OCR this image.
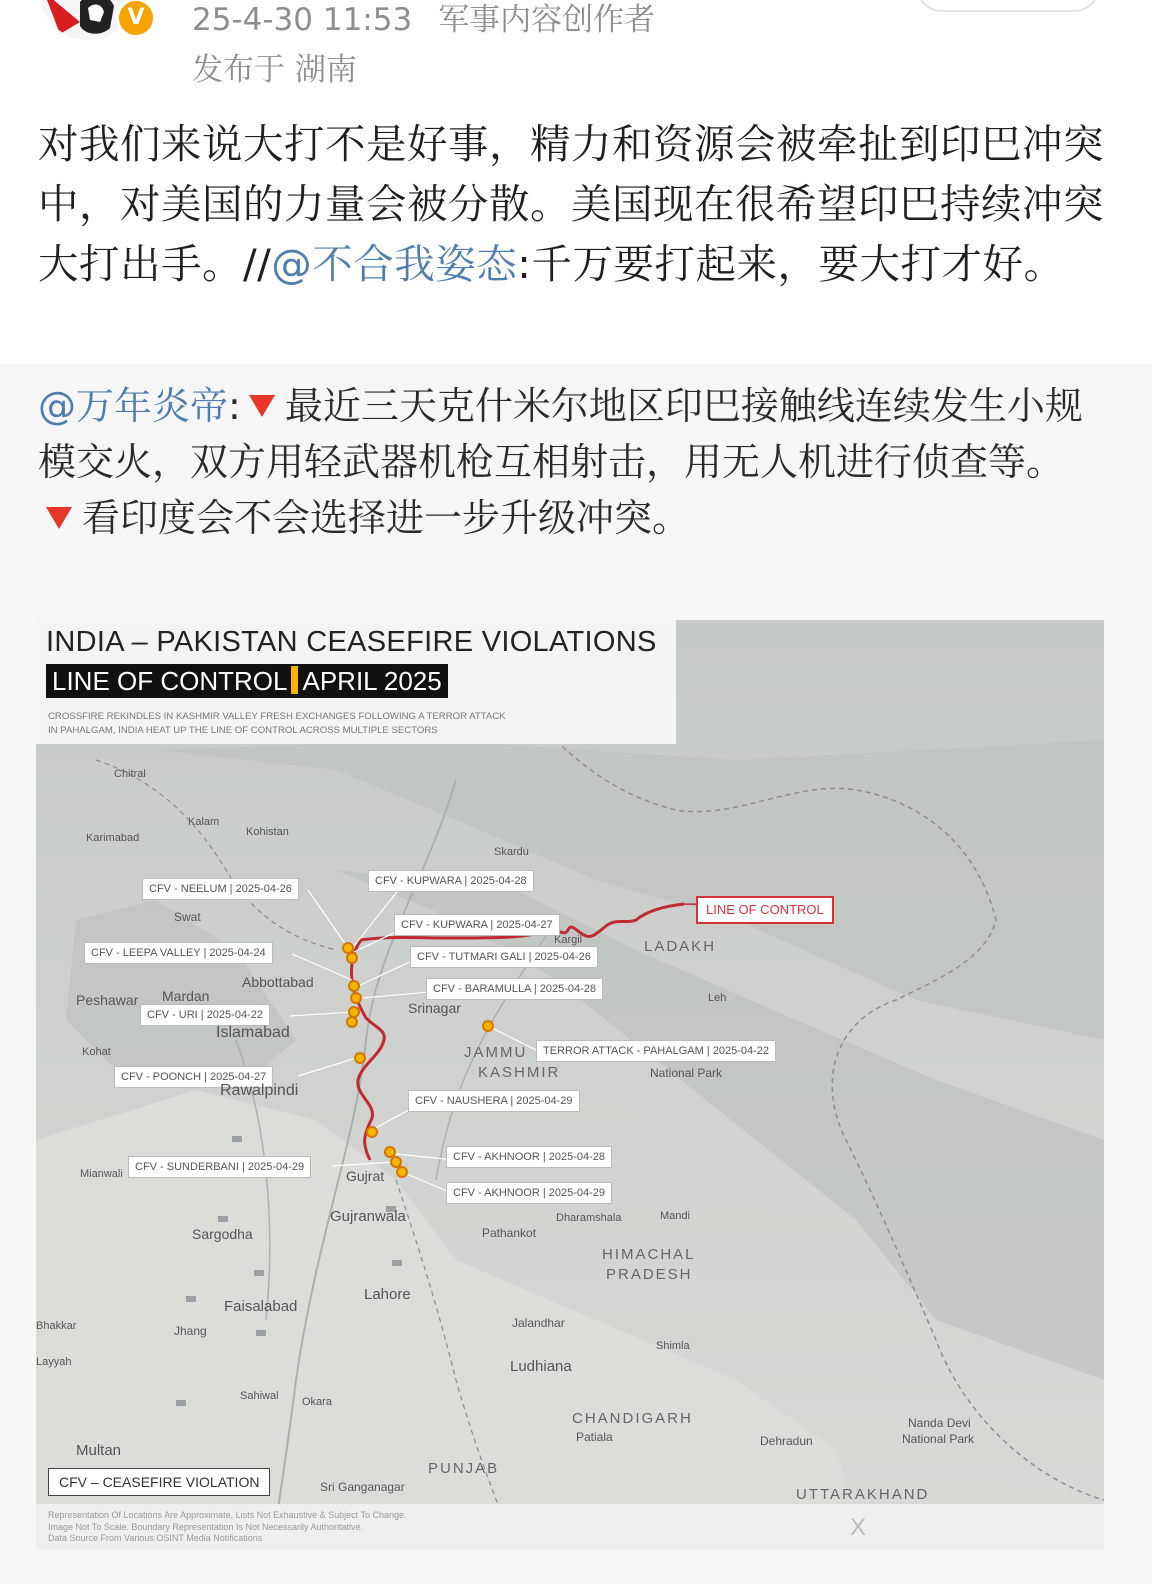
V	25-4-30 11:53 军事内容创作者
发布于 湖南
对我们来说大打不是好事，精力和资源会被牵扯到印巴冲突中，对美国的力量会被分散。美国现在很希望印巴持续冲突大打出手。//@不合我姿态:千万要打起来，要大打才好。
@万年炎帝: 最近三天克什米尔地区印巴接触线连续发生小规模交火，双方用轻武器机枪互相射击，用无人机进行侦查等。
看印度会不会选择进一步升级冲突。
INDIA – PAKISTAN CEASEFIRE VIOLATIONS
LINE OF CONTROL APRIL 2025
CROSSFIRE REKINDLES IN KASHMIR VALLEY FRESH EXCHANGES FOLLOWING A TERROR ATTACK
IN PAHALGAM, INDIA HEAT UP THE LINE OF CONTROL ACROSS MULTIPLE SECTORS
CFV - NEELUM | 2025-04-26
CFV - KUPWARA | 2025-04-28
CFV - KUPWARA | 2025-04-27
CFV - LEEPA VALLEY | 2025-04-24	CFV - TUTMARI GALI | 2025-04-26
CFV - BARAMULLA | 2025-04-28
CFV - URI | 2025-04-22
TERROR ATTACK - PAHALGAM | 2025-04-22
CFV - POONCH | 2025-04-27
CFV - NAUSHERA | 2025-04-29
CFV - AKHNOOR | 2025-04-28
CFV - SUNDERBANI | 2025-04-29
CFV - AKHNOOR | 2025-04-29
LINE OF CONTROL
Peshawar Mardan
Abbottabad
Islamabad
Rawalpindi
Kohat
Srinagar
Gujrat
Gujranwala
Sargodha
Faisalabad
Lahore
Jhang
Multan
Pathankot
Jalandhar
Ludhiana
Patiala	Dehradun
Sri Ganganagar
Swat
Chitral
Skardu
Leh
Kargil
Dharamshala
Shimla
Mandi
Sahiwal Okara
Bhakkar
Layyah
Mianwali
Kalam
Kohistan
Karimabad
LADAKH
JAMMU
KASHMIR
HIMACHAL
PRADESH
CHANDIGARH
PUNJAB
UTTARAKHAND
National Park
Nanda Devi
National Park
CFV – CEASEFIRE VIOLATION
Representation Of Locations Are Approximate, Lists Not Exhaustive & Subject To Change.
Image Not To Scale. Boundary Representation Is Not Necessarily Authoritative.
Data Source From Various OSINT Media Notifications	X
